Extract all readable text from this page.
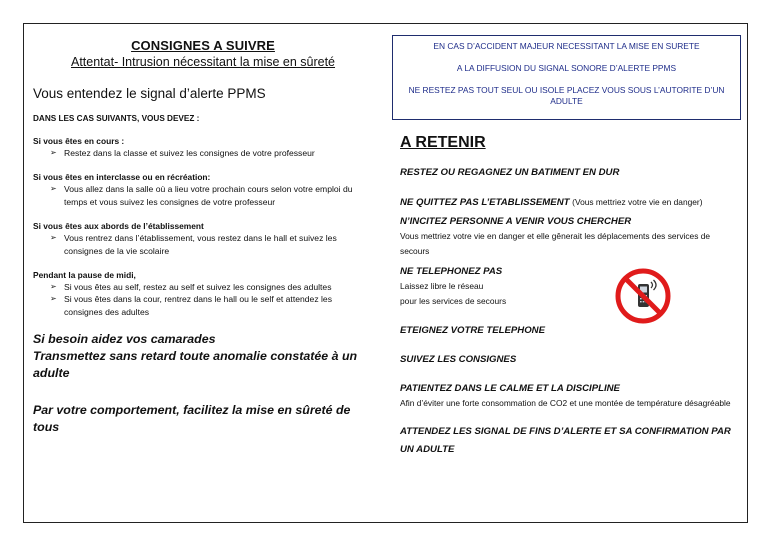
CONSIGNES A SUIVRE
Attentat- Intrusion nécessitant la mise en sûreté
Vous entendez le signal d’alerte PPMS
DANS LES CAS SUIVANTS, VOUS DEVEZ :
Si vous êtes en cours :
➢ Restez dans la classe et suivez les consignes de votre professeur
Si vous êtes en interclasse ou en récréation:
➢ Vous allez dans la salle où a lieu votre prochain cours selon votre emploi du temps et vous suivez les consignes de votre professeur
Si vous êtes aux abords de l’établissement
➢ Vous rentrez dans l’établissement, vous restez dans le hall et suivez les consignes de la vie scolaire
Pendant la pause de midi,
➢ Si vous êtes au self, restez au self et suivez les consignes des adultes
➢ Si vous êtes dans la cour, rentrez dans le hall ou le self et attendez les consignes des adultes
Si besoin aidez vos camarades
Transmettez sans retard toute anomalie constatée à un adulte
Par votre comportement, facilitez la mise en sûreté de tous

EN CAS D’ACCIDENT MAJEUR NECESSITANT LA MISE EN SURETE

A LA DIFFUSION DU SIGNAL SONORE D’ALERTE PPMS

NE RESTEZ PAS TOUT SEUL OU ISOLE PLACEZ VOUS SOUS L’AUTORITE D’UN ADULTE

A RETENIR
RESTEZ OU REGAGNEZ UN BATIMENT EN DUR
NE QUITTEZ PAS L’ETABLISSEMENT (Vous mettriez votre vie en danger)
N’INCITEZ PERSONNE A VENIR VOUS CHERCHER
Vous mettriez votre vie en danger et elle gênerait les déplacements des services de secours
NE TELEPHONEZ PAS
Laissez libre le réseau
pour les services de secours
ETEIGNEZ VOTRE TELEPHONE
SUIVEZ LES CONSIGNES
PATIENTEZ DANS LE CALME ET LA DISCIPLINE
Afin d’éviter une forte consommation de CO2 et une montée de température désagréable
ATTENDEZ LES SIGNAL DE FINS D’ALERTE ET SA CONFIRMATION PAR UN ADULTE
